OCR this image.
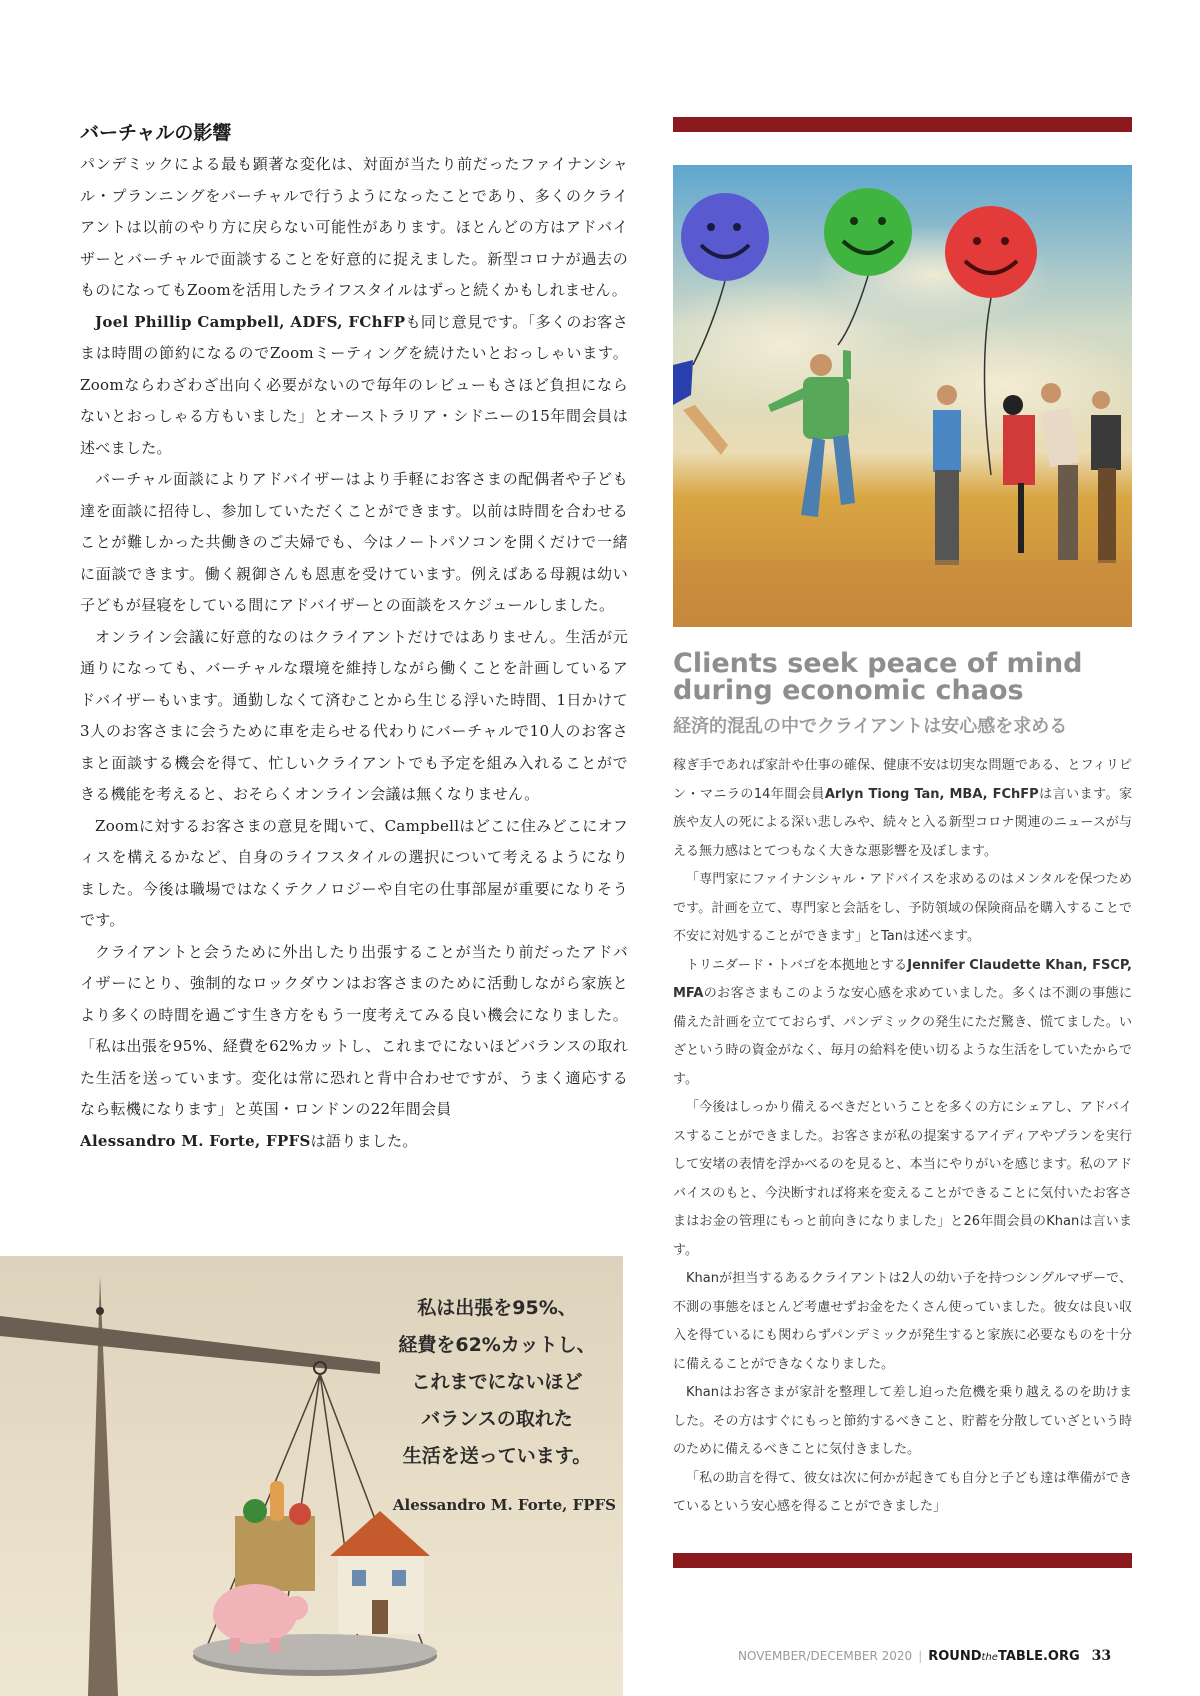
バーチャルの影響

パンデミックによる最も顕著な変化は、対面が当たり前だったファイナンシャル・プランニングをバーチャルで行うようになったことであり、多くのクライアントは以前のやり方に戻らない可能性があります。ほとんどの方はアドバイザーとバーチャルで面談することを好意的に捉えました。新型コロナが過去のものになってもZoomを活用したライフスタイルはずっと続くかもしれません。

Joel Phillip Campbell, ADFS, FChFPも同じ意見です。「多くのお客さまは時間の節約になるのでZoomミーティングを続けたいとおっしゃいます。Zoomならわざわざ出向く必要がないので毎年のレビューもさほど負担にならないとおっしゃる方もいました」とオーストラリア・シドニーの15年間会員は述べました。

バーチャル面談によりアドバイザーはより手軽にお客さまの配偶者や子ども達を面談に招待し、参加していただくことができます。以前は時間を合わせることが難しかった共働きのご夫婦でも、今はノートパソコンを開くだけで一緒に面談できます。働く親御さんも恩恵を受けています。例えばある母親は幼い子どもが昼寝をしている間にアドバイザーとの面談をスケジュールしました。

オンライン会議に好意的なのはクライアントだけではありません。生活が元通りになっても、バーチャルな環境を維持しながら働くことを計画しているアドバイザーもいます。通勤しなくて済むことから生じる浮いた時間、1日かけて3人のお客さまに会うために車を走らせる代わりにバーチャルで10人のお客さまと面談する機会を得て、忙しいクライアントでも予定を組み入れることができる機能を考えると、おそらくオンライン会議は無くなりません。

Zoomに対するお客さまの意見を聞いて、Campbellはどこに住みどこにオフィスを構えるかなど、自身のライフスタイルの選択について考えるようになりました。今後は職場ではなくテクノロジーや自宅の仕事部屋が重要になりそうです。

クライアントと会うために外出したり出張することが当たり前だったアドバイザーにとり、強制的なロックダウンはお客さまのために活動しながら家族とより多くの時間を過ごす生き方をもう一度考えてみる良い機会になりました。「私は出張を95%、経費を62%カットし、これまでにないほどバランスの取れた生活を送っています。変化は常に恐れと背中合わせですが、うまく適応するなら転機になります」と英国・ロンドンの22年間会員
Alessandro M. Forte, FPFSは語りました。

Clients seek peace of mind
during economic chaos
経済的混乱の中でクライアントは安心感を求める

稼ぎ手であれば家計や仕事の確保、健康不安は切実な問題である、とフィリピン・マニラの14年間会員Arlyn Tiong Tan, MBA, FChFPは言います。家族や友人の死による深い悲しみや、続々と入る新型コロナ関連のニュースが与える無力感はとてつもなく大きな悪影響を及ぼします。

「専門家にファイナンシャル・アドバイスを求めるのはメンタルを保つためです。計画を立て、専門家と会話をし、予防領域の保険商品を購入することで不安に対処することができます」とTanは述べます。

トリニダード・トバゴを本拠地とするJennifer Claudette Khan, FSCP, MFAのお客さまもこのような安心感を求めていました。多くは不測の事態に備えた計画を立てておらず、パンデミックの発生にただ驚き、慌てました。いざという時の資金がなく、毎月の給料を使い切るような生活をしていたからです。

「今後はしっかり備えるべきだということを多くの方にシェアし、アドバイスすることができました。お客さまが私の提案するアイディアやプランを実行して安堵の表情を浮かべるのを見ると、本当にやりがいを感じます。私のアドバイスのもと、今決断すれば将来を変えることができることに気付いたお客さまはお金の管理にもっと前向きになりました」と26年間会員のKhanは言います。

Khanが担当するあるクライアントは2人の幼い子を持つシングルマザーで、不測の事態をほとんど考慮せずお金をたくさん使っていました。彼女は良い収入を得ているにも関わらずパンデミックが発生すると家族に必要なものを十分に備えることができなくなりました。

Khanはお客さまが家計を整理して差し迫った危機を乗り越えるのを助けました。その方はすぐにもっと節約するべきこと、貯蓄を分散していざという時のために備えるべきことに気付きました。

「私の助言を得て、彼女は次に何かが起きても自分と子ども達は準備ができているという安心感を得ることができました」

私は出張を95%、
経費を62%カットし、
これまでにないほど
バランスの取れた
生活を送っています。
Alessandro M. Forte, FPFS
NOVEMBER/DECEMBER 2020 | ROUNDtheTABLE.ORG 33
